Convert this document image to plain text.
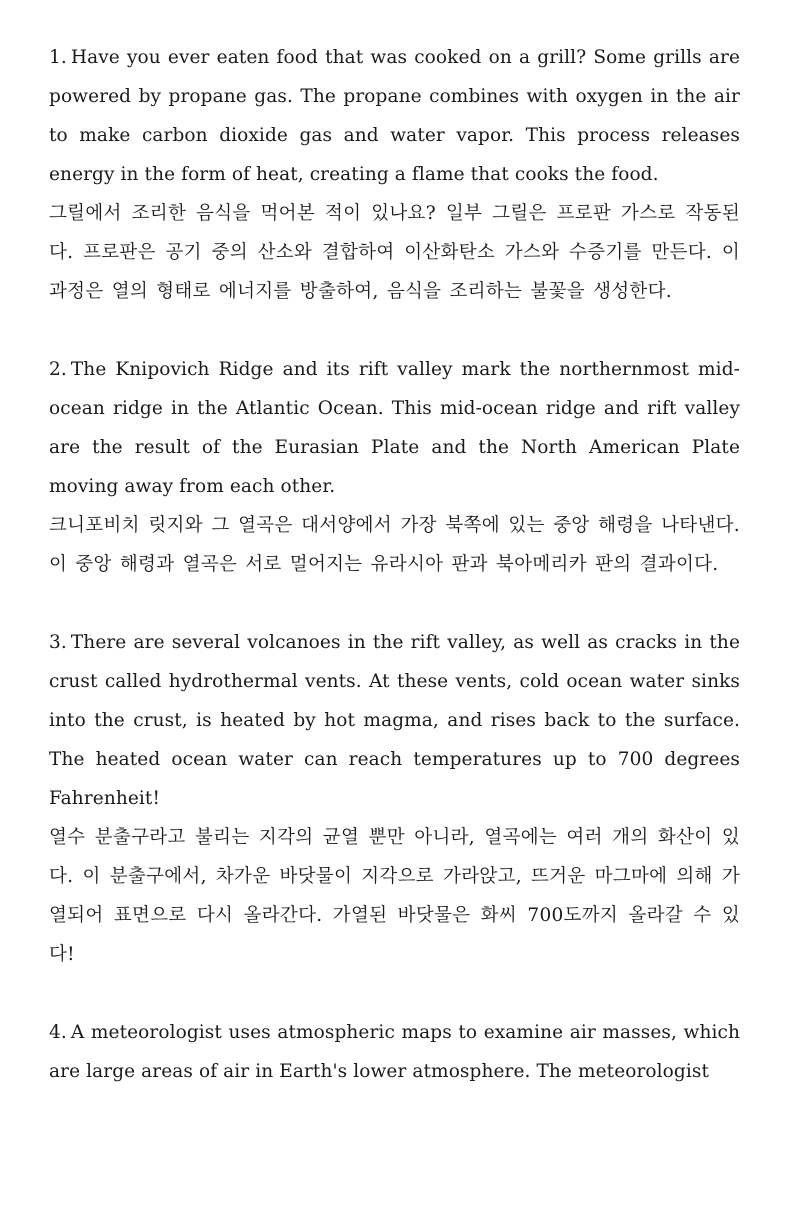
1. Have you ever eaten food that was cooked on a grill? Some grills are powered by propane gas. The propane combines with oxygen in the air to make carbon dioxide gas and water vapor. This process releases energy in the form of heat, creating a flame that cooks the food.

그릴에서 조리한 음식을 먹어본 적이 있나요? 일부 그릴은 프로판 가스로 작동된다. 프로판은 공기 중의 산소와 결합하여 이산화탄소 가스와 수증기를 만든다. 이 과정은 열의 형태로 에너지를 방출하여, 음식을 조리하는 불꽃을 생성한다.

2. The Knipovich Ridge and its rift valley mark the northernmost mid-ocean ridge in the Atlantic Ocean. This mid-ocean ridge and rift valley are the result of the Eurasian Plate and the North American Plate moving away from each other.

크니포비치 릿지와 그 열곡은 대서양에서 가장 북쪽에 있는 중앙 해령을 나타낸다. 이 중앙 해령과 열곡은 서로 멀어지는 유라시아 판과 북아메리카 판의 결과이다.

3. There are several volcanoes in the rift valley, as well as cracks in the crust called hydrothermal vents. At these vents, cold ocean water sinks into the crust, is heated by hot magma, and rises back to the surface. The heated ocean water can reach temperatures up to 700 degrees Fahrenheit!

열수 분출구라고 불리는 지각의 균열 뿐만 아니라, 열곡에는 여러 개의 화산이 있다. 이 분출구에서, 차가운 바닷물이 지각으로 가라앉고, 뜨거운 마그마에 의해 가열되어 표면으로 다시 올라간다. 가열된 바닷물은 화씨 700도까지 올라갈 수 있다!

4. A meteorologist uses atmospheric maps to examine air masses, which are large areas of air in Earth's lower atmosphere. The meteorologist
